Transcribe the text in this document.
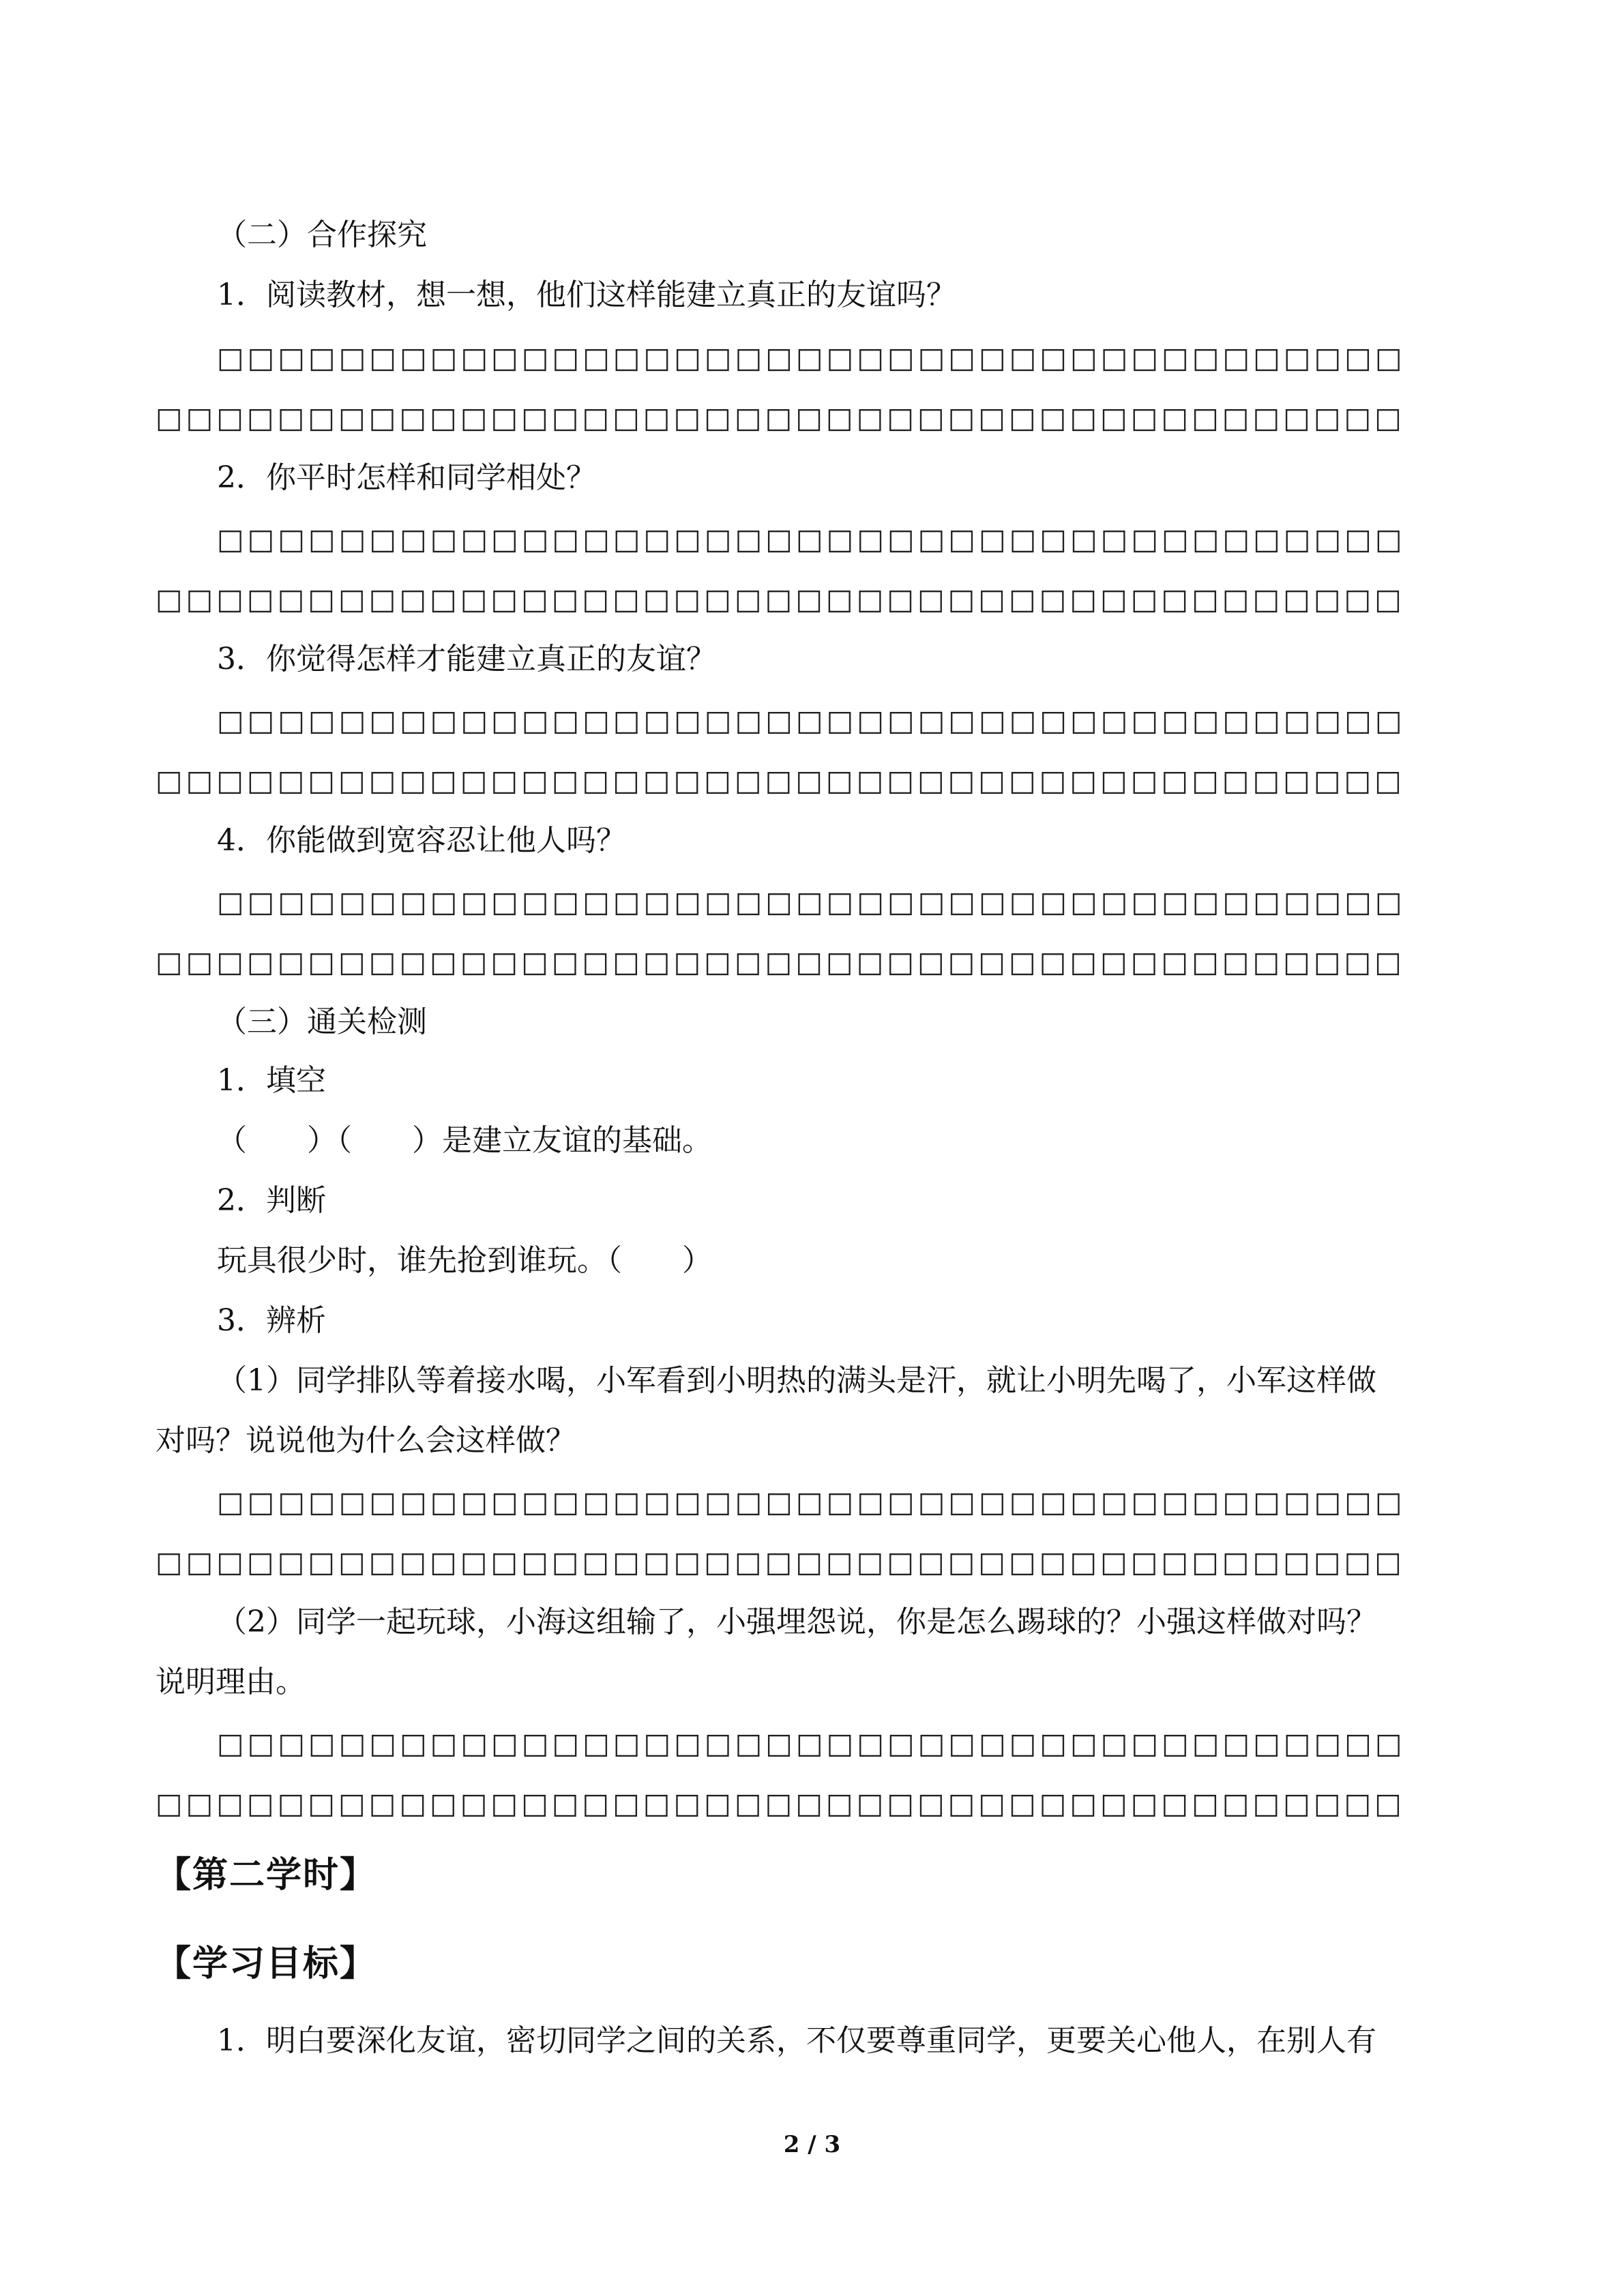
（二）合作探究
1．阅读教材，想一想，他们这样能建立真正的友谊吗？
□□□□□□□□□□□□□□□□□□□□□□□□□□□□□□□□□□□□□□□
□□□□□□□□□□□□□□□□□□□□□□□□□□□□□□□□□□□□□□□□□
2．你平时怎样和同学相处？
□□□□□□□□□□□□□□□□□□□□□□□□□□□□□□□□□□□□□□□
□□□□□□□□□□□□□□□□□□□□□□□□□□□□□□□□□□□□□□□□□
3．你觉得怎样才能建立真正的友谊？
□□□□□□□□□□□□□□□□□□□□□□□□□□□□□□□□□□□□□□□
□□□□□□□□□□□□□□□□□□□□□□□□□□□□□□□□□□□□□□□□□
4．你能做到宽容忍让他人吗？
□□□□□□□□□□□□□□□□□□□□□□□□□□□□□□□□□□□□□□□
□□□□□□□□□□□□□□□□□□□□□□□□□□□□□□□□□□□□□□□□□
（三）通关检测
1．填空
（　　）（　　）是建立友谊的基础。
2．判断
玩具很少时，谁先抢到谁玩。（　　）
3．辨析
（1）同学排队等着接水喝，小军看到小明热的满头是汗，就让小明先喝了，小军这样做
对吗？说说他为什么会这样做？
□□□□□□□□□□□□□□□□□□□□□□□□□□□□□□□□□□□□□□□
□□□□□□□□□□□□□□□□□□□□□□□□□□□□□□□□□□□□□□□□□
（2）同学一起玩球，小海这组输了，小强埋怨说，你是怎么踢球的？小强这样做对吗？
说明理由。
□□□□□□□□□□□□□□□□□□□□□□□□□□□□□□□□□□□□□□□
□□□□□□□□□□□□□□□□□□□□□□□□□□□□□□□□□□□□□□□□□
【第二学时】
【学习目标】
1．明白要深化友谊，密切同学之间的关系，不仅要尊重同学，更要关心他人，在别人有
2 / 3
